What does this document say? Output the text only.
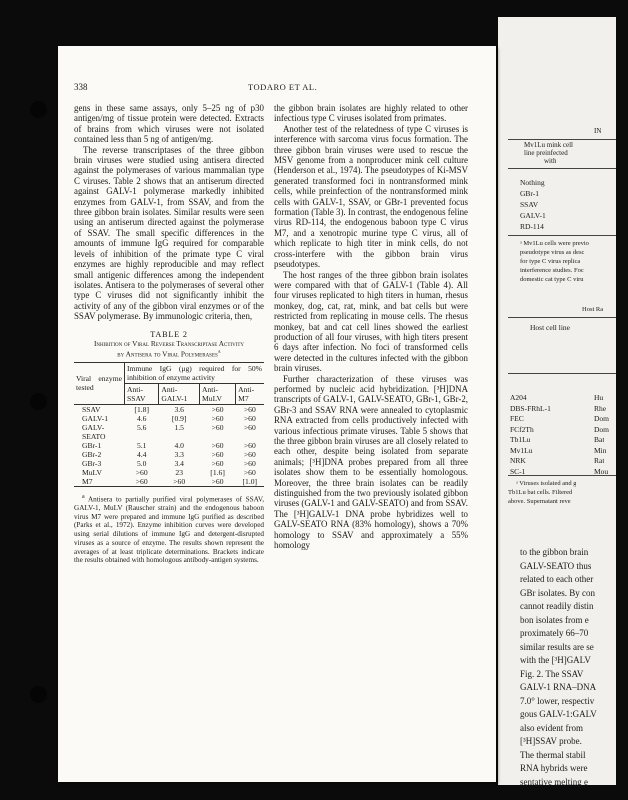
IN
Mv1Lu mink cell
line preinfected
with
Nothing
GBr-1
SSAV
GALV-1
RD-114
ᵃ Mv1Lu cells were previo
pseudotype virus as desc
for type C virus replica
interference studies. Foc
domestic cat type C viru
Host Ra
Host cell line
A204	Hu
DBS-FRhL-1	Rhe
FEC	Dom
FCf2Th	Dom
Tb1Lu	Bat
Mv1Lu	Min
NRK	Rat
SC-1	Mou
ᵃ Viruses isolated and g
Tb1Lu bat cells. Filtered
above. Supernatant reve
to the gibbon brain
GALV-SEATO thus
related to each other
GBr isolates. By con
cannot readily distin
bon isolates from e
proximately 66–70
similar results are se
with the [³H]GALV
Fig. 2. The SSAV
GALV-1 RNA–DNA
7.0° lower, respectiv
gous GALV-1:GALV
also evident from
[³H]SSAV probe.
The thermal stabil
RNA hybrids were
sentative melting e
338	TODARO ET AL.

gens in these same assays, only 5–25 ng of p30 antigen/mg of tissue protein were detected. Extracts of brains from which viruses were not isolated contained less than 5 ng of antigen/mg.

The reverse transcriptases of the three gibbon brain viruses were studied using antisera directed against the polymerases of various mammalian type C viruses. Table 2 shows that an antiserum directed against GALV-1 polymerase markedly inhibited enzymes from GALV-1, from SSAV, and from the three gibbon brain isolates. Similar results were seen using an antiserum directed against the polymerase of SSAV. The small specific differences in the amounts of immune IgG required for comparable levels of inhibition of the primate type C viral enzymes are highly reproducible and may reflect small antigenic differences among the independent isolates. Antisera to the polymerases of several other type C viruses did not significantly inhibit the activity of any of the gibbon viral enzymes or of the SSAV polymerase. By immunologic criteria, then,

TABLE 2
Inhibition of Viral Reverse Transcriptase Activity
by Antisera to Viral Polymerases$^a$
Viral enzyme tested	Immune IgG (μg) required for 50% inhibition of enzyme activity			
	Anti-SSAV	Anti-GALV-1	Anti-MuLV	Anti-M7
SSAV	[1.8]	3.6	>60	>60
GALV-1	4.6	[0.9]	>60	>60
GALV-	5.6	1.5	>60	>60
SEATO				
GBr-1	5.1	4.0	>60	>60
GBr-2	4.4	3.3	>60	>60
GBr-3	5.0	3.4	>60	>60
MuLV	>60	23	[1.6]	>60
M7	>60	>60	>60	[1.0]
$^a$ Antisera to partially purified viral polymerases of SSAV, GALV-1, MuLV (Rauscher strain) and the endogenous baboon virus M7 were prepared and immune IgG purified as described (Parks et al., 1972). Enzyme inhibition curves were developed using serial dilutions of immune IgG and detergent-disrupted viruses as a source of enzyme. The results shown represent the averages of at least triplicate determinations. Brackets indicate the results obtained with homologous antibody-antigen systems.

the gibbon brain isolates are highly related to other infectious type C viruses isolated from primates.

Another test of the relatedness of type C viruses is interference with sarcoma virus focus formation. The three gibbon brain viruses were used to rescue the MSV genome from a nonproducer mink cell culture (Henderson et al., 1974). The pseudotypes of Ki-MSV generated transformed foci in nontransformed mink cells, while preinfection of the nontransformed mink cells with GALV-1, SSAV, or GBr-1 prevented focus formation (Table 3). In contrast, the endogenous feline virus RD-114, the endogenous baboon type C virus M7, and a xenotropic murine type C virus, all of which replicate to high titer in mink cells, do not cross-interfere with the gibbon brain virus pseudotypes.

The host ranges of the three gibbon brain isolates were compared with that of GALV-1 (Table 4). All four viruses replicated to high titers in human, rhesus monkey, dog, cat, rat, mink, and bat cells but were restricted from replicating in mouse cells. The rhesus monkey, bat and cat cell lines showed the earliest production of all four viruses, with high titers present 6 days after infection. No foci of transformed cells were detected in the cultures infected with the gibbon brain viruses.

Further characterization of these viruses was performed by nucleic acid hybridization. [³H]DNA transcripts of GALV-1, GALV-SEATO, GBr-1, GBr-2, GBr-3 and SSAV RNA were annealed to cytoplasmic RNA extracted from cells productively infected with various infectious primate viruses. Table 5 shows that the three gibbon brain viruses are all closely related to each other, despite being isolated from separate animals; [³H]DNA probes prepared from all three isolates show them to be essentially homologous. Moreover, the three brain isolates can be readily distinguished from the two previously isolated gibbon viruses (GALV-1 and GALV-SEATO) and from SSAV. The [³H]GALV-1 DNA probe hybridizes well to GALV-SEATO RNA (83% homology), shows a 70% homology to SSAV and approximately a 55% homology
